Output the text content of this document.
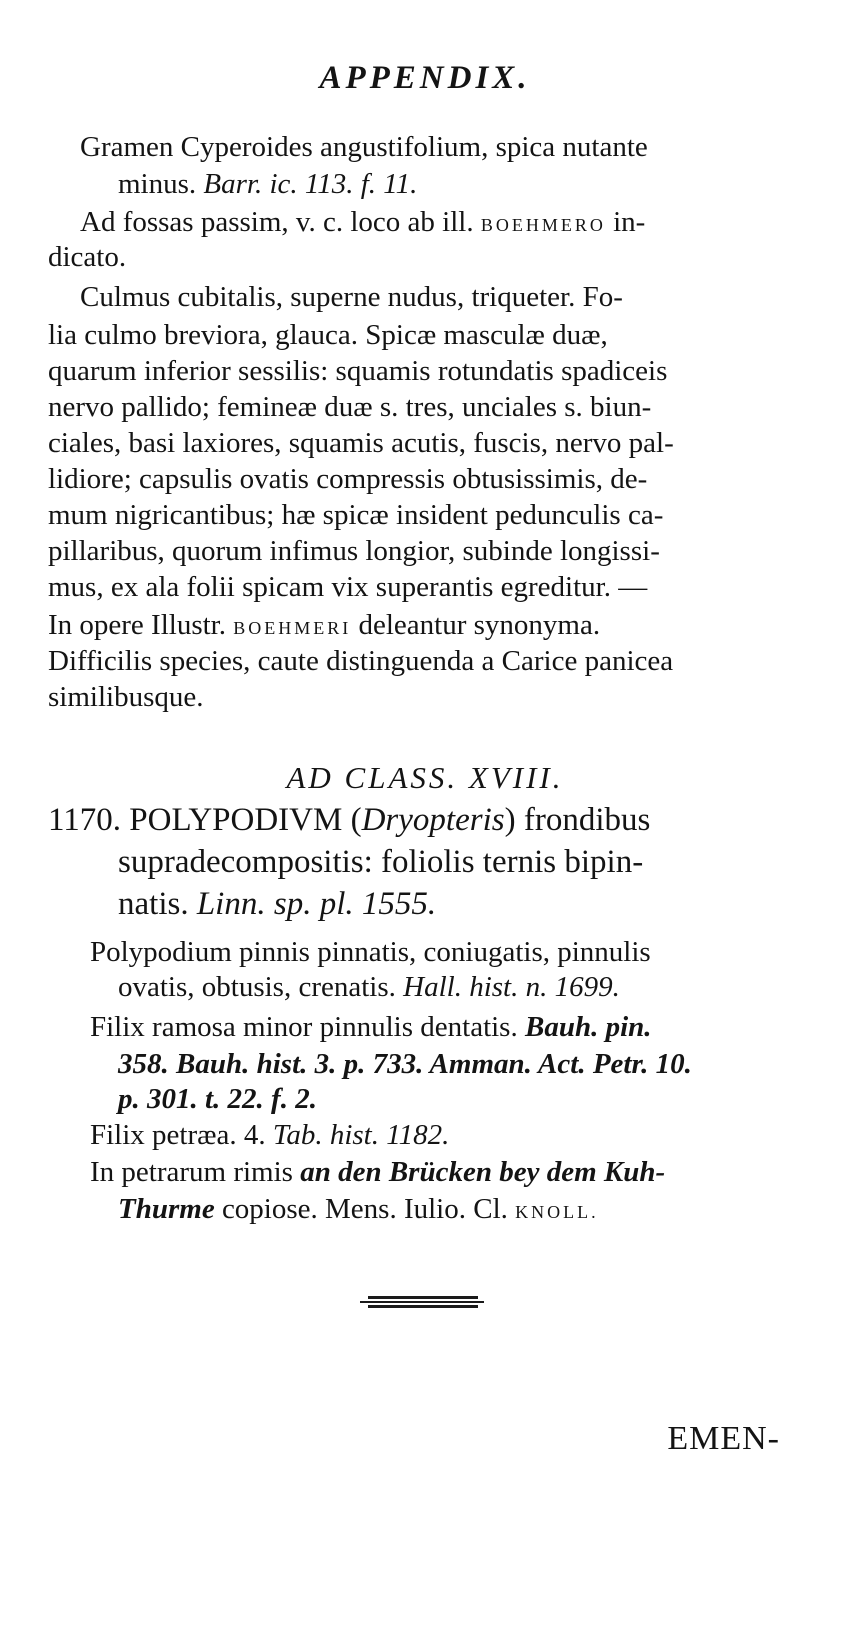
APPENDIX.
Gramen Cyperoides angustifolium, spica nutante
minus. Barr. ic. 113. f. 11.
Ad fossas passim, v. c. loco ab ill. BOEHMERO in-
dicato.
Culmus cubitalis, superne nudus, triqueter. Fo-
lia culmo breviora, glauca. Spicæ masculæ duæ,
quarum inferior sessilis: squamis rotundatis spadiceis
nervo pallido; femineæ duæ s. tres, unciales s. biun-
ciales, basi laxiores, squamis acutis, fuscis, nervo pal-
lidiore; capsulis ovatis compressis obtusissimis, de-
mum nigricantibus; hæ spicæ insident pedunculis ca-
pillaribus, quorum infimus longior, subinde longissi-
mus, ex ala folii spicam vix superantis egreditur. —
In opere Illustr. BOEHMERI deleantur synonyma.
Difficilis species, caute distinguenda a Carice panicea
similibusque.
AD CLASS. XVIII.
1170. POLYPODIVM (Dryopteris) frondibus
supradecompositis: foliolis ternis bipin-
natis. Linn. sp. pl. 1555.
Polypodium pinnis pinnatis, coniugatis, pinnulis
ovatis, obtusis, crenatis. Hall. hist. n. 1699.
Filix ramosa minor pinnulis dentatis. Bauh. pin.
358. Bauh. hist. 3. p. 733. Amman. Act. Petr. 10.
p. 301. t. 22. f. 2.
Filix petræa. 4. Tab. hist. 1182.
In petrarum rimis an den Brücken bey dem Kuh-
Thurme copiose. Mens. Iulio. Cl. KNOLL.
EMEN-
